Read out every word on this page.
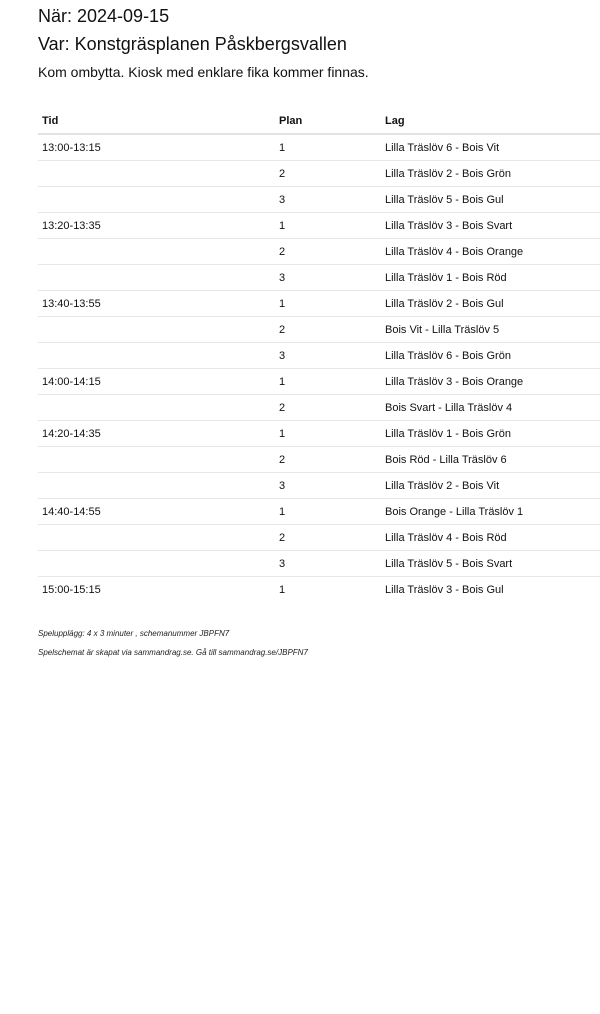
När: 2024-09-15
Var: Konstgräsplanen Påskbergsvallen

Kom ombytta. Kiosk med enklare fika kommer finnas.

Tid	Plan	Lag
13:00-13:15	1	Lilla Träslöv 6 - Bois Vit
	2	Lilla Träslöv 2 - Bois Grön
	3	Lilla Träslöv 5 - Bois Gul
13:20-13:35	1	Lilla Träslöv 3 - Bois Svart
	2	Lilla Träslöv 4 - Bois Orange
	3	Lilla Träslöv 1 - Bois Röd
13:40-13:55	1	Lilla Träslöv 2 - Bois Gul
	2	Bois Vit - Lilla Träslöv 5
	3	Lilla Träslöv 6 - Bois Grön
14:00-14:15	1	Lilla Träslöv 3 - Bois Orange
	2	Bois Svart - Lilla Träslöv 4
14:20-14:35	1	Lilla Träslöv 1 - Bois Grön
	2	Bois Röd - Lilla Träslöv 6
	3	Lilla Träslöv 2 - Bois Vit
14:40-14:55	1	Bois Orange - Lilla Träslöv 1
	2	Lilla Träslöv 4 - Bois Röd
	3	Lilla Träslöv 5 - Bois Svart
15:00-15:15	1	Lilla Träslöv 3 - Bois Gul

Spelupplägg: 4 x 3 minuter , schemanummer JBPFN7

Spelschemat är skapat via sammandrag.se. Gå till sammandrag.se/JBPFN7
